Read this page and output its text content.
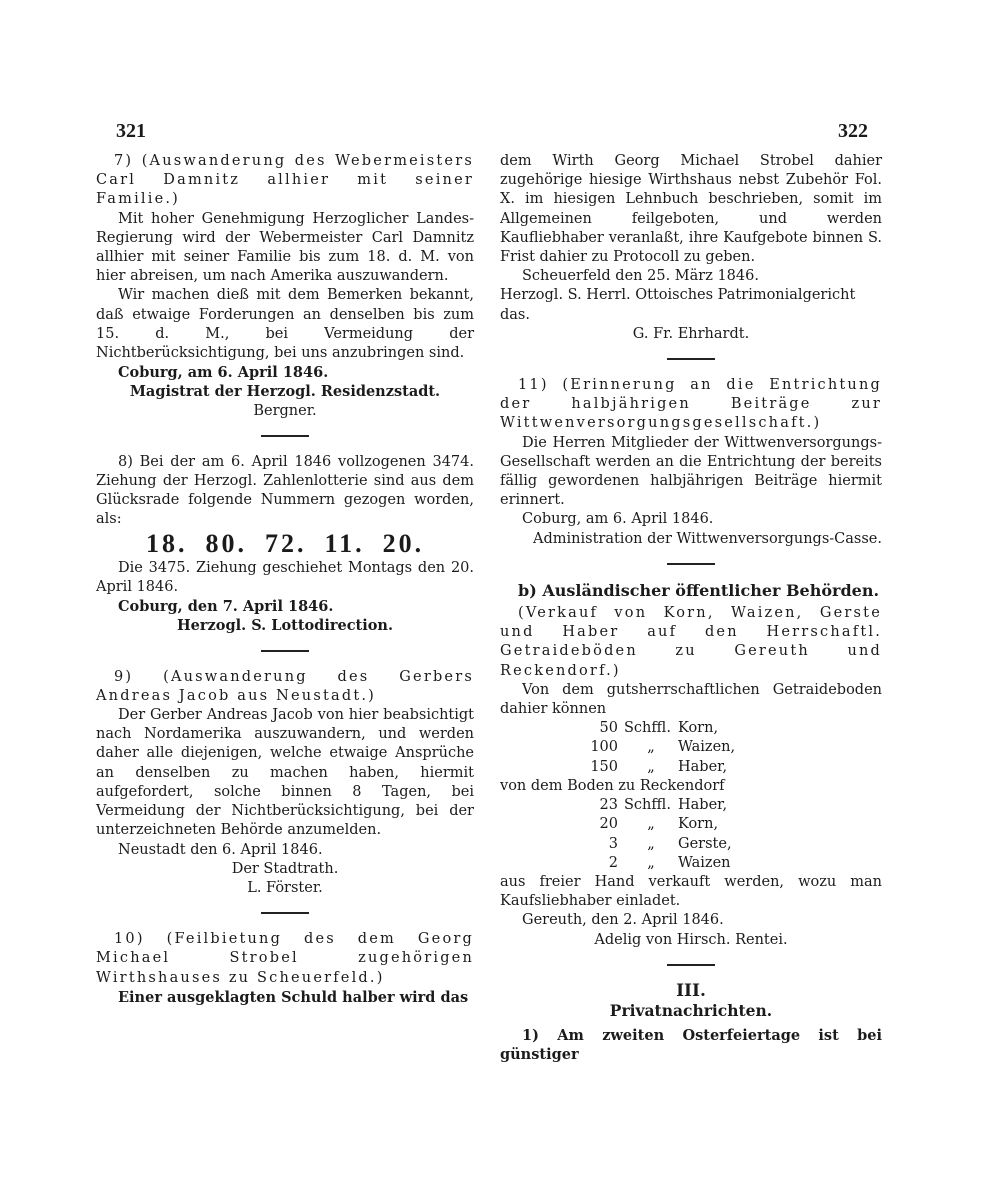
321	322

7) (Auswanderung des Webermeisters Carl Damnitz allhier mit seiner Familie.)

Mit hoher Genehmigung Herzoglicher Landes-Regierung wird der Webermeister Carl Damnitz allhier mit seiner Familie bis zum 18. d. M. von hier abreisen, um nach Amerika auszuwandern.

Wir machen dieß mit dem Bemerken bekannt, daß etwaige Forderungen an denselben bis zum 15. d. M., bei Vermeidung der Nichtberücksichtigung, bei uns anzubringen sind.

Coburg, am 6. April 1846.

Magistrat der Herzogl. Residenzstadt.

Bergner.

8) Bei der am 6. April 1846 vollzogenen 3474. Ziehung der Herzogl. Zahlenlotterie sind aus dem Glücksrade folgende Nummern gezogen worden, als:

18. 80. 72. 11. 20.

Die 3475. Ziehung geschiehet Montags den 20. April 1846.

Coburg, den 7. April 1846.

Herzogl. S. Lottodirection.

9) (Auswanderung des Gerbers Andreas Jacob aus Neustadt.)

Der Gerber Andreas Jacob von hier beabsichtigt nach Nordamerika auszuwandern, und werden daher alle diejenigen, welche etwaige Ansprüche an denselben zu machen haben, hiermit aufgefordert, solche binnen 8 Tagen, bei Vermeidung der Nichtberücksichtigung, bei der unterzeichneten Behörde anzumelden.

Neustadt den 6. April 1846.

Der Stadtrath.

L. Förster.

10) (Feilbietung des dem Georg Michael Strobel zugehörigen Wirthshauses zu Scheuerfeld.)

Einer ausgeklagten Schuld halber wird das

dem Wirth Georg Michael Strobel dahier zugehörige hiesige Wirthshaus nebst Zubehör Fol. X. im hiesigen Lehnbuch beschrieben, somit im Allgemeinen feilgeboten, und werden Kaufliebhaber veranlaßt, ihre Kaufgebote binnen S. Frist dahier zu Protocoll zu geben.

Scheuerfeld den 25. März 1846.

Herzogl. S. Herrl. Ottoisches Patrimonialgericht das.

G. Fr. Ehrhardt.

11) (Erinnerung an die Entrichtung der halbjährigen Beiträge zur Wittwenversorgungsgesellschaft.)

Die Herren Mitglieder der Wittwenversorgungs-Gesellschaft werden an die Entrichtung der bereits fällig gewordenen halbjährigen Beiträge hiermit erinnert.

Coburg, am 6. April 1846.

Administration der Wittwenversorgungs-Casse.

b) Ausländischer öffentlicher Behörden.

(Verkauf von Korn, Waizen, Gerste und Haber auf den Herrschaftl. Getraideböden zu Gereuth und Reckendorf.)

Von dem gutsherrschaftlichen Getraideboden dahier können

50 Schffl. Korn,

100 „ Waizen,

150 „ Haber,

von dem Boden zu Reckendorf

23 Schffl. Haber,

20 „ Korn,

3 „ Gerste,

2 „ Waizen

aus freier Hand verkauft werden, wozu man Kaufsliebhaber einladet.

Gereuth, den 2. April 1846.

Adelig von Hirsch. Rentei.

III.

Privatnachrichten.

1) Am zweiten Osterfeiertage ist bei günstiger
